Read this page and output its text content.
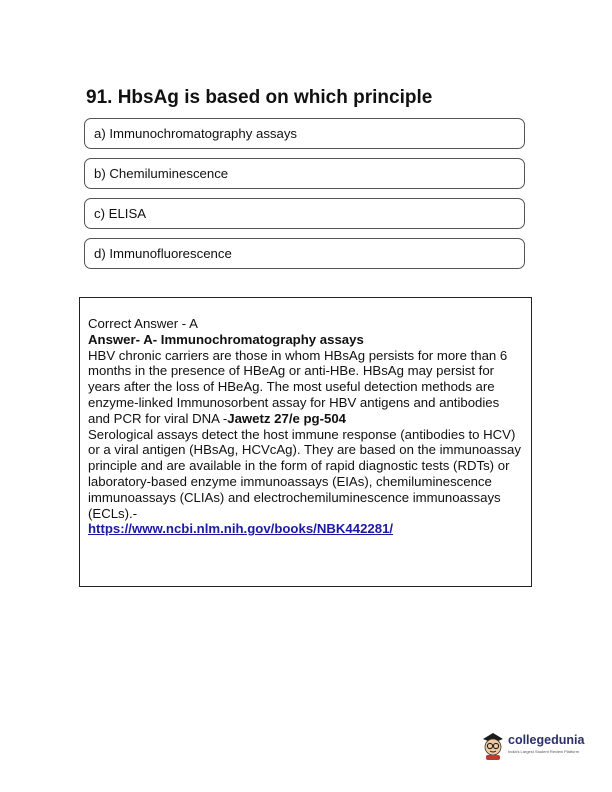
91. HbsAg is based on which principle
a) Immunochromatography assays
b) Chemiluminescence
c) ELISA
d) Immunofluorescence

Correct Answer - A

Answer- A- Immunochromatography assays

HBV chronic carriers are those in whom HBsAg persists for more than 6 months in the presence of HBeAg or anti-HBe. HBsAg may persist for years after the loss of HBeAg. The most useful detection methods are enzyme-linked Immunosorbent assay for HBV antigens and antibodies and PCR for viral DNA -Jawetz 27/e pg-504

Serological assays detect the host immune response (antibodies to HCV) or a viral antigen (HBsAg, HCVcAg). They are based on the immunoassay principle and are available in the form of rapid diagnostic tests (RDTs) or laboratory-based enzyme immunoassays (EIAs), chemiluminescence immunoassays (CLIAs) and electrochemiluminescence immunoassays (ECLs).-
https://www.ncbi.nlm.nih.gov/books/NBK442281/

collegedunia
India's Largest Student Review Platform
